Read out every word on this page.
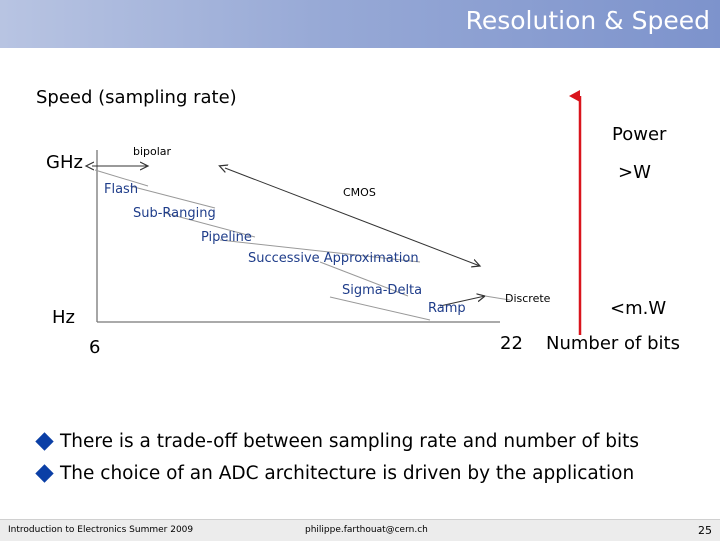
Resolution & Speed
Speed (sampling rate)
GHz
Hz
6	22 Number of bits
Power
>W
<m.W
bipolar
CMOS
Discrete
Flash
Sub-Ranging
Pipeline
Successive Approximation
Sigma-Delta
Ramp
There is a trade-off between sampling rate and number of bits
The choice of an ADC architecture is driven by the application
Introduction to Electronics Summer 2009	philippe.farthouat@cern.ch	25
